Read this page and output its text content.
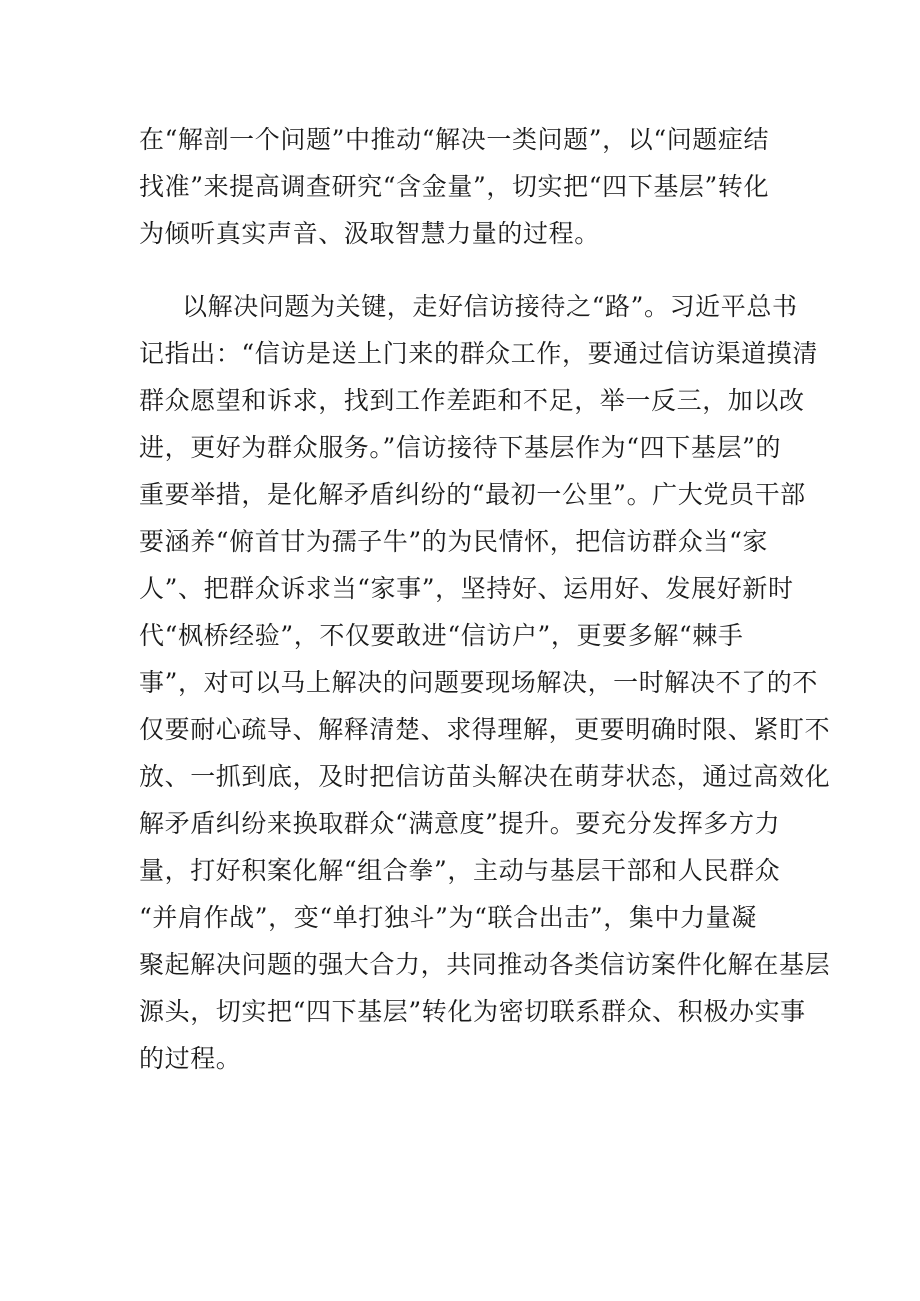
在“解剖一个问题”中推动“解决一类问题”，以“问题症结
找准”来提高调查研究“含金量”，切实把“四下基层”转化
为倾听真实声音、汲取智慧力量的过程。
以解决问题为关键，走好信访接待之“路”。习近平总书
记指出：“信访是送上门来的群众工作，要通过信访渠道摸清
群众愿望和诉求，找到工作差距和不足，举一反三，加以改
进，更好为群众服务。”信访接待下基层作为“四下基层”的
重要举措，是化解矛盾纠纷的“最初一公里”。广大党员干部
要涵养“俯首甘为孺子牛”的为民情怀，把信访群众当“家
人”、把群众诉求当“家事”，坚持好、运用好、发展好新时
代“枫桥经验”，不仅要敢进“信访户”，更要多解“棘手
事”，对可以马上解决的问题要现场解决，一时解决不了的不
仅要耐心疏导、解释清楚、求得理解，更要明确时限、紧盯不
放、一抓到底，及时把信访苗头解决在萌芽状态，通过高效化
解矛盾纠纷来换取群众“满意度”提升。要充分发挥多方力
量，打好积案化解“组合拳”，主动与基层干部和人民群众
“并肩作战”，变“单打独斗”为“联合出击”，集中力量凝
聚起解决问题的强大合力，共同推动各类信访案件化解在基层
源头，切实把“四下基层”转化为密切联系群众、积极办实事
的过程。
